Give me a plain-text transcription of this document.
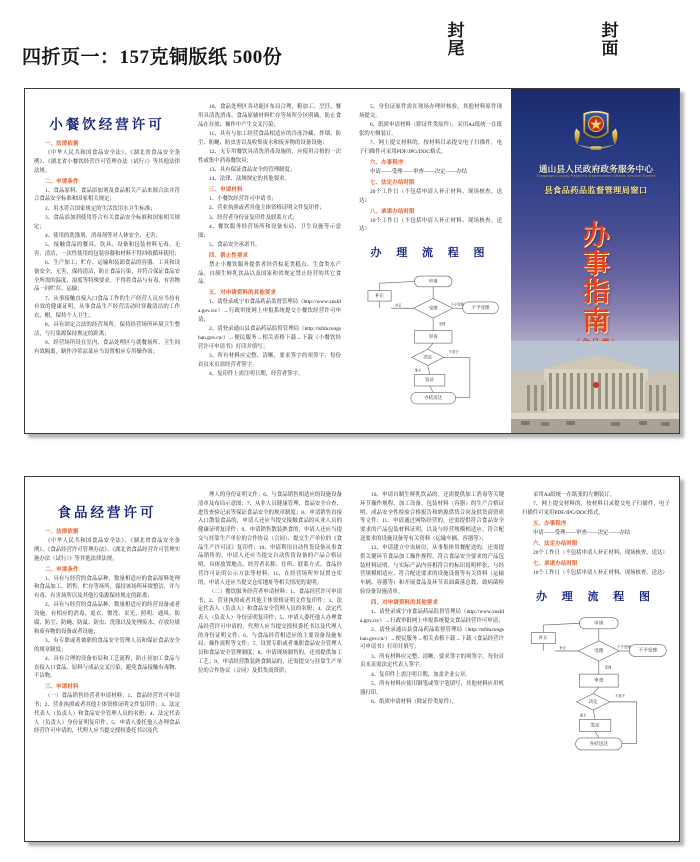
四折页一：157克铜版纸 500份
封
尾
封
面
小餐饮经营许可
一、法律依据
《中华人民共和国食品安全法》、《湖北省食品安全条例》、《湖北省小餐饮经营许可管理办法（试行）》等其他法律法规。
二、申请条件
1、食品原料、食品添加剂及食品相关产品来源合法并符合食品安全标准和国家相关规定；
2、用水符合国家规定的生活饮用水卫生标准；
3、食品添加剂使用符合有关食品安全标准和国家相关规定；
4、使用的洗涤剂、消毒剂等对人体安全、无害；
5、接触食品的餐具、饮具、设备和包装材料无毒、无害、清洁，一次性使用的包装容器和材料不得回收循环使用；
6、生产加工、贮存、运输和装卸食品的容器、工具和设备安全、无害，保持清洁，防止食品污染，并符合保证食品安全所需的温度、湿度等特殊要求，不得将食品与有毒、有害物品一同贮存、运输；
7、从事接触直接入口食品工作的生产经营人员应当持有有效的健康证明，从事食品生产经营活动时穿戴清洁的工作衣、帽，保持个人卫生；
8、具有固定合法的经营场所，保持经营场所环境卫生整洁，与污染源保持规定的距离；
9、经营场所设在室内，食品处理区与就餐场所、卫生间有效隔离，制作冷荤凉菜应当设置相应专用操作间；
10、食品处理区各功能区布局合理、粗加工、烹饪、餐用具清洗消毒、食品原辅材料贮存等场所分区明确，防止食品在存放、操作中产生交叉污染；
11、具有与加工经营食品相适应的冷冻冷藏、拌烟、防尘、防蝇、防虫害以及收集废水和废弃物的设备设施；
12、无专用餐饮具清洗消毒设施的，应使用合格的一次性或集中消毒餐饮具；
13、具有保证食品安全的管理制度；
14、法律、法规规定的其他要求。
三、申请材料
1、小餐饮经营许可申请书；
2、营业执照或者其他主体资格证明文件复印件；
3、经营者身份证复印件及联系方式；
4、餐饮服务经营场所和设备布局、卫生设施等示意图；
5、食品安全承诺书。
四、禁止性要求
禁止小餐饮服务提供者经营棕花类糕点、生食类水产品、自制生鲜乳饮品以及国家和省规定禁止经营的其它食品。
五、对申请资料的其他要求
1、请登录咸宁市食品药品监督管理局（http://www.xnsfda.gov.cn/）→行政审批网上申报系统提交小餐饮经营许可申请；
2、请登录通山县食品药品监督管理局（http://tsfda.tongshan.gov.cn/）→便民服务→相关表格下载→下载《小餐饮经营许可申请书》打印并填写；
3、所有材料应完整、清晰，要求签字的须签字，每份首页末页需经营者签字。
4、复印件上需注明日期，经营者签字。
5、身份证原件需在现场办理时核验，其他材料原件现场提交。
6、纸质申请材料（除证件类原件），采用A4纸统一在纸张的左侧装订。
7、网上提交材料的，按材料目录提交电子扫描件，电子扫描件可采用PDF/JPG/DOC格式。
六、办事程序
申请——受理——审查——决定——办结
七、法定办结时限
20个工作日（不包括申请人补正材料、现场核查、送达）
八、承诺办结时限
10个工作日（不包括申请人补正材料、现场核查、送达）
办 理 流 程 图
申请
补正
受理	不予受理
审查
决定
发证
办结送达
补正	不予受理
受理
准予
不准予
通山县人民政府政务服务中心
Tongshan County People's Government Affairs Service Center
县食品药品监督管理局窗口
办
事
指
南
食品经营许可
一、法律依据
《中华人民共和国食品安全法》、《湖北省食品安全条例》、《食品经营许可管理办法》、《湖北省食品经营许可管理实施办法（试行）》等其他法律法规。
二、申请条件
1、具有与经营的食品品种、数量相适应的食品原料处理和食品加工、销售、贮存等场所，保持该场所环境整洁，并与有毒、有害场所以及其他污染源保持规定的距离；
2、具有与经营的食品品种、数量相适应的经营设备或者设施，有相应的消毒、更衣、盥洗、采光、照明、通风、防腐、防尘、防蝇、防鼠、防虫、洗涤以及处理废水、存放垃圾和废弃物的设备或者设施；
3、有专职或者兼职的食品安全管理人员和保证食品安全的规章制度；
4、具有合理的设备布局和工艺流程，防止待加工食品与直接入口食品、原料与成品交叉污染，避免食品接触有毒物、不洁物。
三、申请材料
（一）食品销售经营者申请材料：1、食品经营许可申请书；2、营业执照或者其他主体资格证明文件复印件；3、法定代表人（负责人）和食品安全管理人员的名册；4、法定代表人（负责人）身份证明复印件；5、申请人委托他人办理食品经营许可申请的，代理人应当提交授权委托书以及代
理人的身份证明文件；6、与食品销售相适应的设施设备清单及布局示意图；7、从业人员健康管理、食品安全自查、进货查验记录等保证食品安全的规章制度；8、申请销售直接入口散装食品的，申请人还应当提交接触食品的从业人员的健康证明复印件；9、申请销售散装熟食的，申请人还应当提交与挂靠生产单位的合作协议（合同）、提交生产单位的《食品生产许可证》复印件；10、申请利用自动售货设备从事食品销售的，申请人还应当提交自动售货设备的产品合格证明、具体放置地点、经营者名称、住所、联系方式、食品经营许可证的公示方法等材料；11、在经营场所外设置仓库的，申请人还应当提交仓库地址等相关情况的说明。
（二）餐饮服务经营者申请材料：1、食品经营许可申请书；2、营业执照或者其他主体资格证明文件复印件；3、法定代表人（负责人）和食品安全管理人员的名册；4、法定代表人（负责人）身份证明复印件；5、申请人委托他人办理食品经营许可申请的，代理人应当提交授权委托书以及代理人的身份证明文件；6、与食品经营相适应的主要设备设施布局、操作流程等文件；7、设置专职或者兼职食品安全管理人员和食品安全管理制度；8、申请现场制售的，还需提供加工工艺；9、申请经营散装熟食制品的，还需提交与挂靠生产单位的合作协议（合同）及供货商资质；
10、申请自制生鲜乳饮品的，还需提供加工消毒等关键环节操作规程、加工设备、包装材料（容器）的生产合格证明、成品安全性检验合格报告和奶源供货合同及供货商资质等文件；11、申请通过网络经营的，还需提供符合食品安全要求的产品包装材料证明，以及与经营规模相适应、符合配送要求的设施设备等有关资料（运输车辆、容器等）；
12、申请建立中央厨房、从事集体用餐配送的，还需提供关键环节食品加工操作规程、符合食品安全要求的产品包装材料证明、与实际产品内容相符合的标识说明样张、与经营规模相适应、符合配送要求的设施设备等有关资料（运输车辆、容器等）和开展食品及环节表面菌落总数、致病菌检验设备设施清单。
四、对申请资料的其他要求
1、请登录咸宁市食品药品监督管理局（http://www.xnsfda.gov.cn/）→行政审批网上申报系统提交食品经营许可申请；
2、请登录通山县食品药品监督管理局（http://tsfda.tongshan.gov.cn/）→便民服务→相关表格下载→下载《食品经营许可申请书》打印并填写；
3、所有材料应完整、清晰，要求签字的须签字，每份首页末页需法定代表人签字。
4、复印件上需注明日期，加盖企业公章。
5、所有材料应使用钢笔或签字笔填写，其他材料应用机器打印。
6、纸质申请材料（除证件类原件），
采用A4纸统一在纸张的左侧装订。
7、网上提交材料的，按材料目录提交电子扫描件，电子扫描件可采用PDF/JPG/DOC格式。
五、办事程序
申请——受理——审查——决定——办结
六、法定办结时限
20个工作日（不包括申请人补正材料、现场核查、送达）
七、承诺办结时限
10个工作日（不包括申请人补正材料、现场核查、送达）
办 理 流 程 图
申请
补正
受理	不予受理
审查
决定
发证
办结送达
补正	不予受理
受理
准予
不准予
